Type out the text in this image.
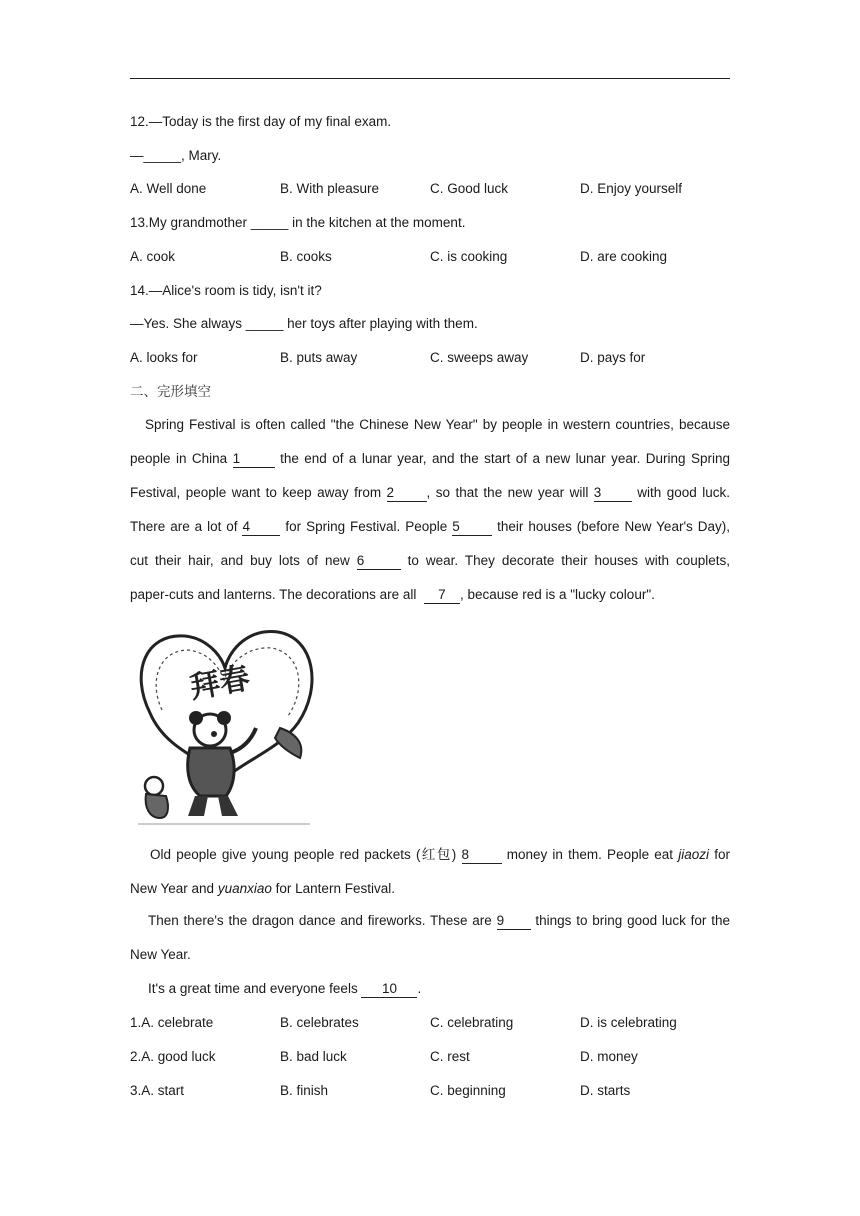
12.—Today is the first day of my final exam.
—_____, Mary.
A. Well done	B. With pleasure	C. Good luck	D. Enjoy yourself
13.My grandmother _____ in the kitchen at the moment.
A. cook	B. cooks	C. is cooking	D. are cooking
14.—Alice's room is tidy, isn't it?
—Yes. She always _____ her toys after playing with them.
A. looks for	B. puts away	C. sweeps away	D. pays for
二、完形填空
Spring Festival is often called "the Chinese New Year" by people in western countries, because
people in China 1	the end of a lunar year, and the start of a new lunar year. During Spring
Festival, people want to keep away from 2 , so that the new year will 3	with good luck.
There are a lot of 4	for Spring Festival. People 5	their houses (before New Year's Day),
cut their hair, and buy lots of new 6	to wear. They decorate their houses with couplets,
paper-cuts and lanterns. The decorations are all 7 , because red is a "lucky colour".
拜春
Old people give young people red packets (红包) 8	money in them. People eat jiaozi for
New Year and yuanxiao for Lantern Festival.
Then there's the dragon dance and fireworks. These are 9 things to bring good luck for the
New Year.
It's a great time and everyone feels 10 .
1.A. celebrate	B. celebrates	C. celebrating	D. is celebrating
2.A. good luck	B. bad luck	C. rest	D. money
3.A. start	B. finish	C. beginning	D. starts
